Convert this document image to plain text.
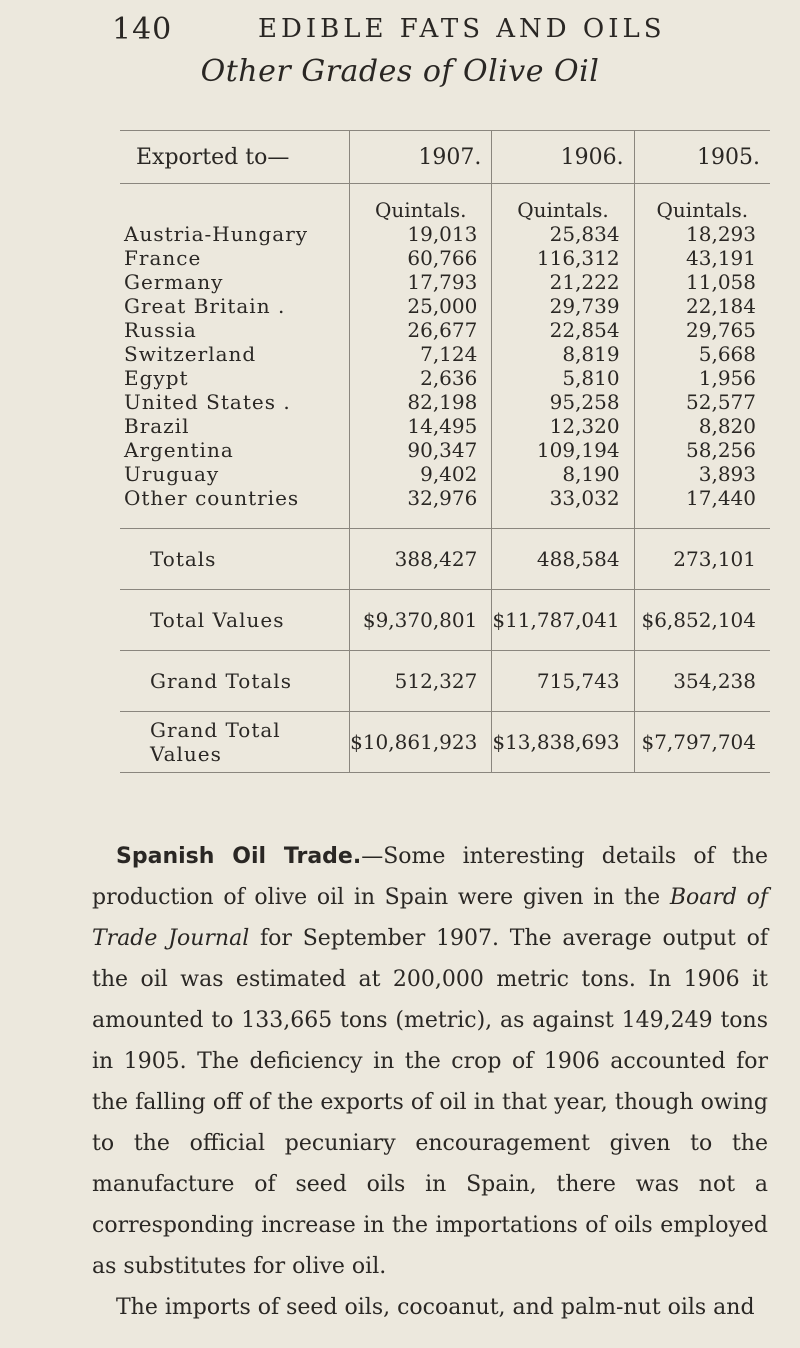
140	EDIBLE FATS AND OILS
Other Grades of Olive Oil
Exported to—	1907.	1906.	1905.
	Quintals.	Quintals.	Quintals.
Austria-Hungary	19,013	25,834	18,293
France	60,766	116,312	43,191
Germany	17,793	21,222	11,058
Great Britain .	25,000	29,739	22,184
Russia	26,677	22,854	29,765
Switzerland	7,124	8,819	5,668
Egypt	2,636	5,810	1,956
United States .	82,198	95,258	52,577
Brazil	14,495	12,320	8,820
Argentina	90,347	109,194	58,256
Uruguay	9,402	8,190	3,893
Other countries	32,976	33,032	17,440

Totals	388,427	488,584	273,101
Total Values	$9,370,801	$11,787,041	$6,852,104
Grand Totals	512,327	715,743	354,238
Grand Total Values	$10,861,923	$13,838,693	$7,797,704

Spanish Oil Trade.—Some interesting details of the production of olive oil in Spain were given in the Board of Trade Journal for September 1907. The average output of the oil was estimated at 200,000 metric tons. In 1906 it amounted to 133,665 tons (metric), as against 149,249 tons in 1905. The deficiency in the crop of 1906 accounted for the falling off of the exports of oil in that year, though owing to the official pecuniary encouragement given to the manufacture of seed oils in Spain, there was not a corresponding increase in the importations of oils employed as substitutes for olive oil.

The imports of seed oils, cocoanut, and palm-nut oils and
